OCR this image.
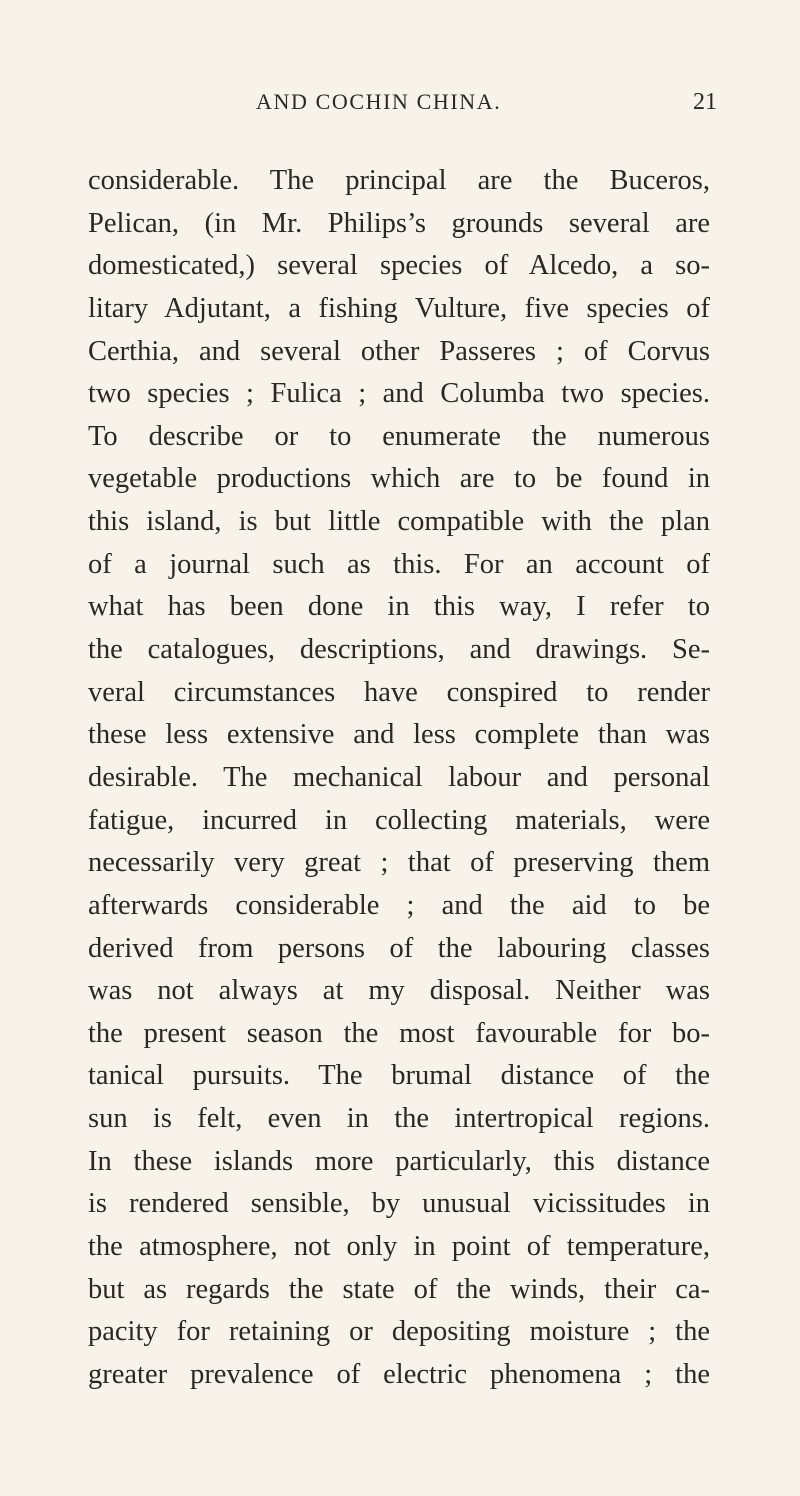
AND COCHIN CHINA.	21
considerable. The principal are the Buceros,
Pelican, (in Mr. Philips’s grounds several are
domesticated,) several species of Alcedo, a so-
litary Adjutant, a fishing Vulture, five species of
Certhia, and several other Passeres ; of Corvus
two species ; Fulica ; and Columba two species.
To describe or to enumerate the numerous
vegetable productions which are to be found in
this island, is but little compatible with the plan
of a journal such as this. For an account of
what has been done in this way, I refer to
the catalogues, descriptions, and drawings. Se-
veral circumstances have conspired to render
these less extensive and less complete than was
desirable. The mechanical labour and personal
fatigue, incurred in collecting materials, were
necessarily very great ; that of preserving them
afterwards considerable ; and the aid to be
derived from persons of the labouring classes
was not always at my disposal. Neither was
the present season the most favourable for bo-
tanical pursuits. The brumal distance of the
sun is felt, even in the intertropical regions.
In these islands more particularly, this distance
is rendered sensible, by unusual vicissitudes in
the atmosphere, not only in point of temperature,
but as regards the state of the winds, their ca-
pacity for retaining or depositing moisture ; the
greater prevalence of electric phenomena ; the
